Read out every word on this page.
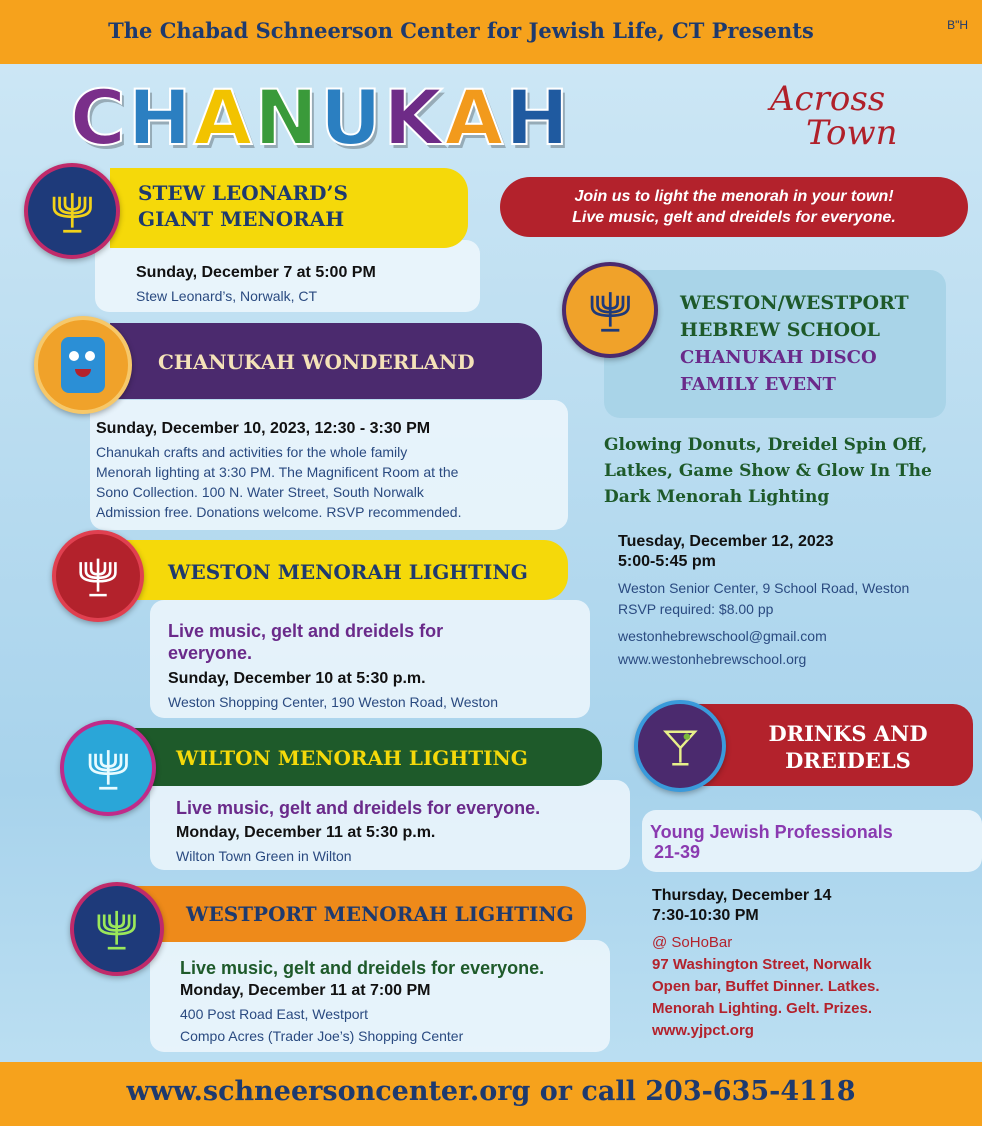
The Chabad Schneerson Center for Jewish Life, CT Presents	B"H
CHANUKAH	Across
Town
Join us to light the menorah in your town!
Live music, gelt and dreidels for everyone.
STEW LEONARD’S
GIANT MENORAH
Sunday, December 7 at 5:00 PM
Stew Leonard’s, Norwalk, CT
CHANUKAH WONDERLAND
Sunday, December 10, 2023, 12:30 - 3:30 PM
Chanukah crafts and activities for the whole family
Menorah lighting at 3:30 PM. The Magnificent Room at the
Sono Collection. 100 N. Water Street, South Norwalk
Admission free. Donations welcome. RSVP recommended.
WESTON MENORAH LIGHTING
Live music, gelt and dreidels for
everyone.
Sunday, December 10 at 5:30 p.m.
Weston Shopping Center, 190 Weston Road, Weston
WILTON MENORAH LIGHTING
Live music, gelt and dreidels for everyone.
Monday, December 11 at 5:30 p.m.
Wilton Town Green in Wilton
WESTPORT MENORAH LIGHTING
Live music, gelt and dreidels for everyone.
Monday, December 11 at 7:00 PM
400 Post Road East, Westport
Compo Acres (Trader Joe’s) Shopping Center
WESTON/WESTPORT
HEBREW SCHOOL
CHANUKAH DISCO
FAMILY EVENT
Glowing Donuts, Dreidel Spin Off,
Latkes, Game Show & Glow In The
Dark Menorah Lighting
Tuesday, December 12, 2023
5:00-5:45 pm
Weston Senior Center, 9 School Road, Weston
RSVP required: $8.00 pp
westonhebrewschool@gmail.com
www.westonhebrewschool.org
DRINKS AND
DREIDELS
Young Jewish Professionals
21-39
Thursday, December 14
7:30-10:30 PM
@ SoHoBar
97 Washington Street, Norwalk
Open bar, Buffet Dinner. Latkes.
Menorah Lighting. Gelt. Prizes.
www.yjpct.org
www.schneersoncenter.org or call 203-635-4118
